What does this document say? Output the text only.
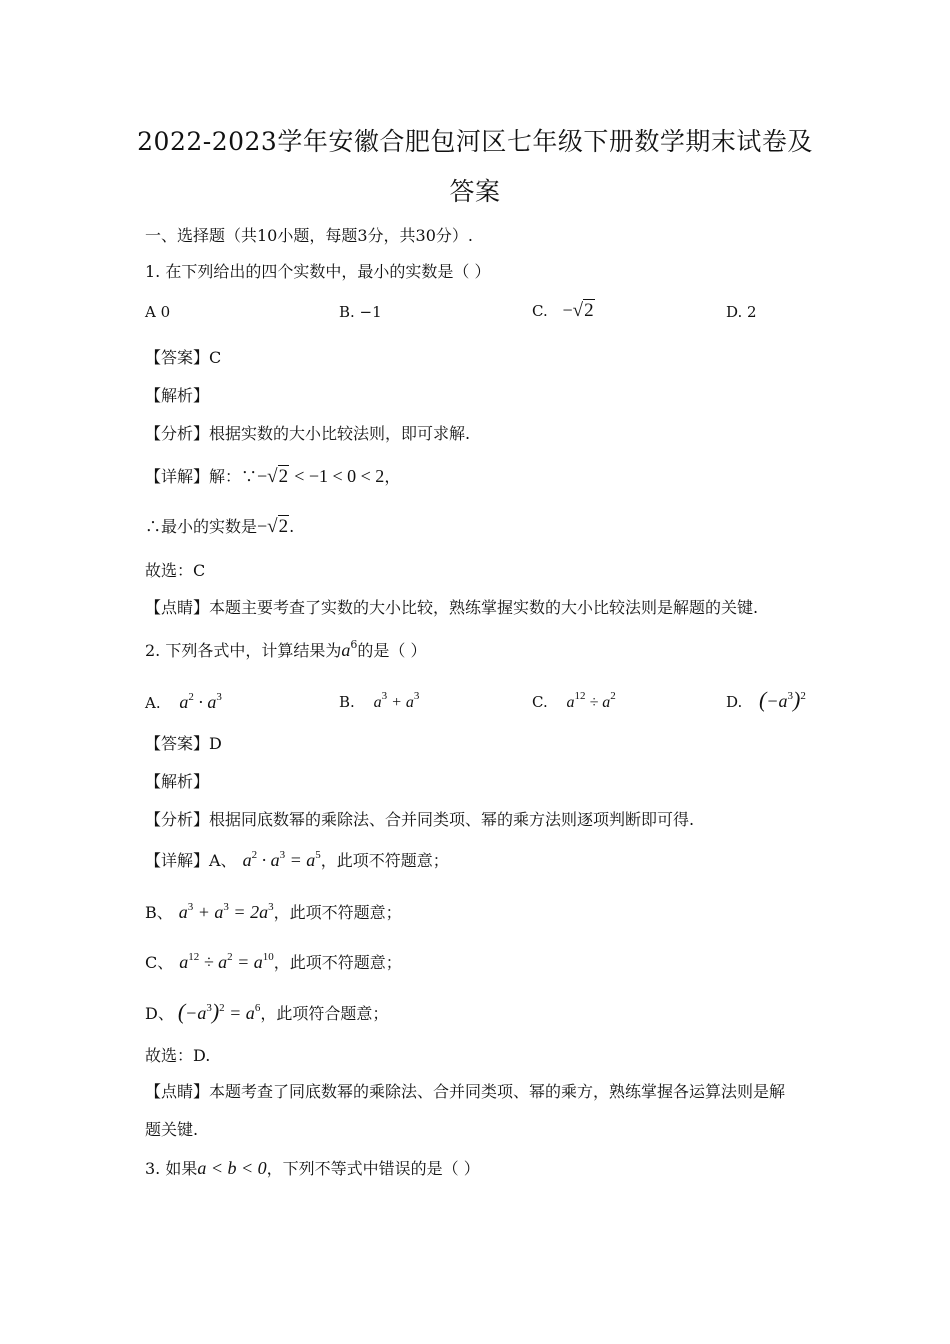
2022-2023学年安徽合肥包河区七年级下册数学期末试卷及
答案
一、选择题（共10小题，每题3分，共30分）.
1. 在下列给出的四个实数中，最小的实数是（ ）
A 0	B. −1	C. −√2	D. 2
【答案】C
【解析】
【分析】根据实数的大小比较法则，即可求解.
【详解】解：∵−√2 < −1 < 0 < 2，
∴最小的实数是−√2.
故选：C
【点睛】本题主要考查了实数的大小比较，熟练掌握实数的大小比较法则是解题的关键.
2. 下列各式中，计算结果为$a^6$的是（ ）
A. $a^2 \cdot a^3$	B. $a^3 + a^3$	C. $a^{12} \div a^2$	D. $(-a^3)^2$
【答案】D
【解析】
【分析】根据同底数幂的乘除法、合并同类项、幂的乘方法则逐项判断即可得.
【详解】A、 $a^2 \cdot a^3 = a^5$，此项不符题意；
B、 $a^3 + a^3 = 2a^3$，此项不符题意；
C、 $a^{12} \div a^2 = a^{10}$，此项不符题意；
D、 $(-a^3)^2 = a^6$，此项符合题意；
故选：D.
【点睛】本题考查了同底数幂的乘除法、合并同类项、幂的乘方，熟练掌握各运算法则是解
题关键.
3. 如果a < b < 0，下列不等式中错误的是（ ）
